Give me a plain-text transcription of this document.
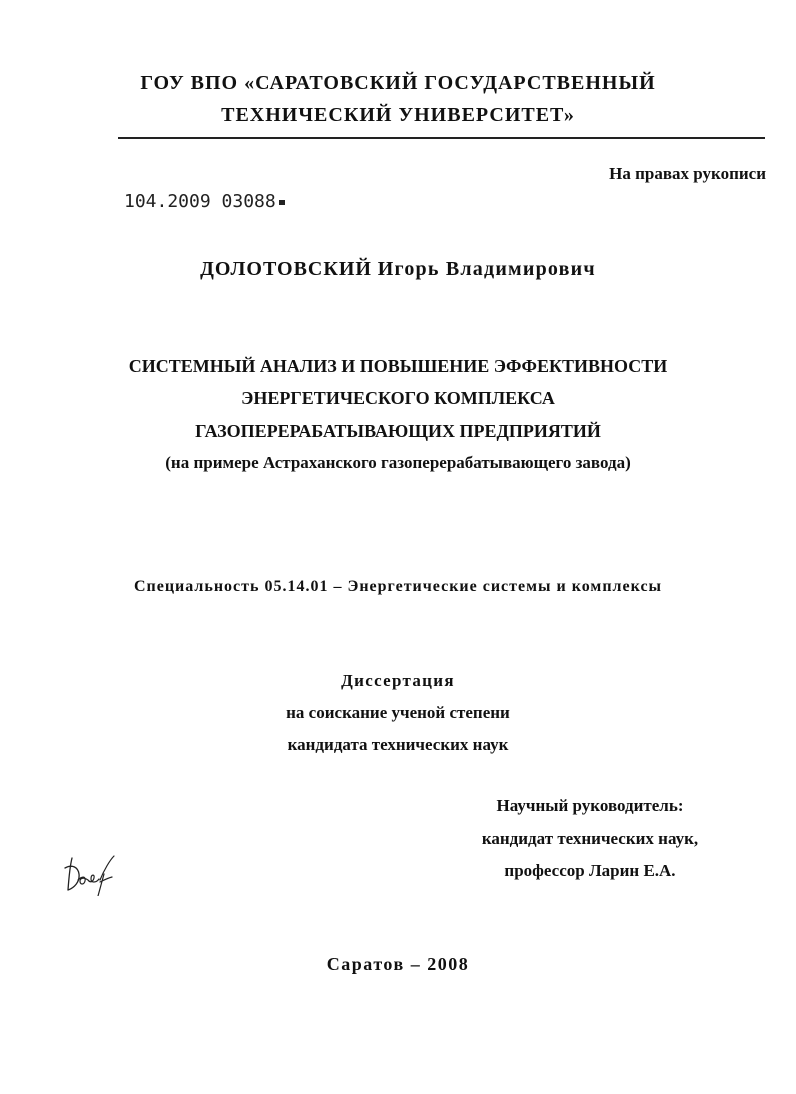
ГОУ ВПО «САРАТОВСКИЙ ГОСУДАРСТВЕННЫЙ
ТЕХНИЧЕСКИЙ УНИВЕРСИТЕТ»
На правах рукописи
104.2009 03088
ДОЛОТОВСКИЙ Игорь Владимирович
СИСТЕМНЫЙ АНАЛИЗ И ПОВЫШЕНИЕ ЭФФЕКТИВНОСТИ
ЭНЕРГЕТИЧЕСКОГО КОМПЛЕКСА
ГАЗОПЕРЕРАБАТЫВАЮЩИХ ПРЕДПРИЯТИЙ
(на примере Астраханского газоперерабатывающего завода)
Специальность 05.14.01 – Энергетические системы и комплексы
Диссертация
на соискание ученой степени
кандидата технических наук
Научный руководитель:
кандидат технических наук,
профессор Ларин Е.А.
Саратов – 2008
